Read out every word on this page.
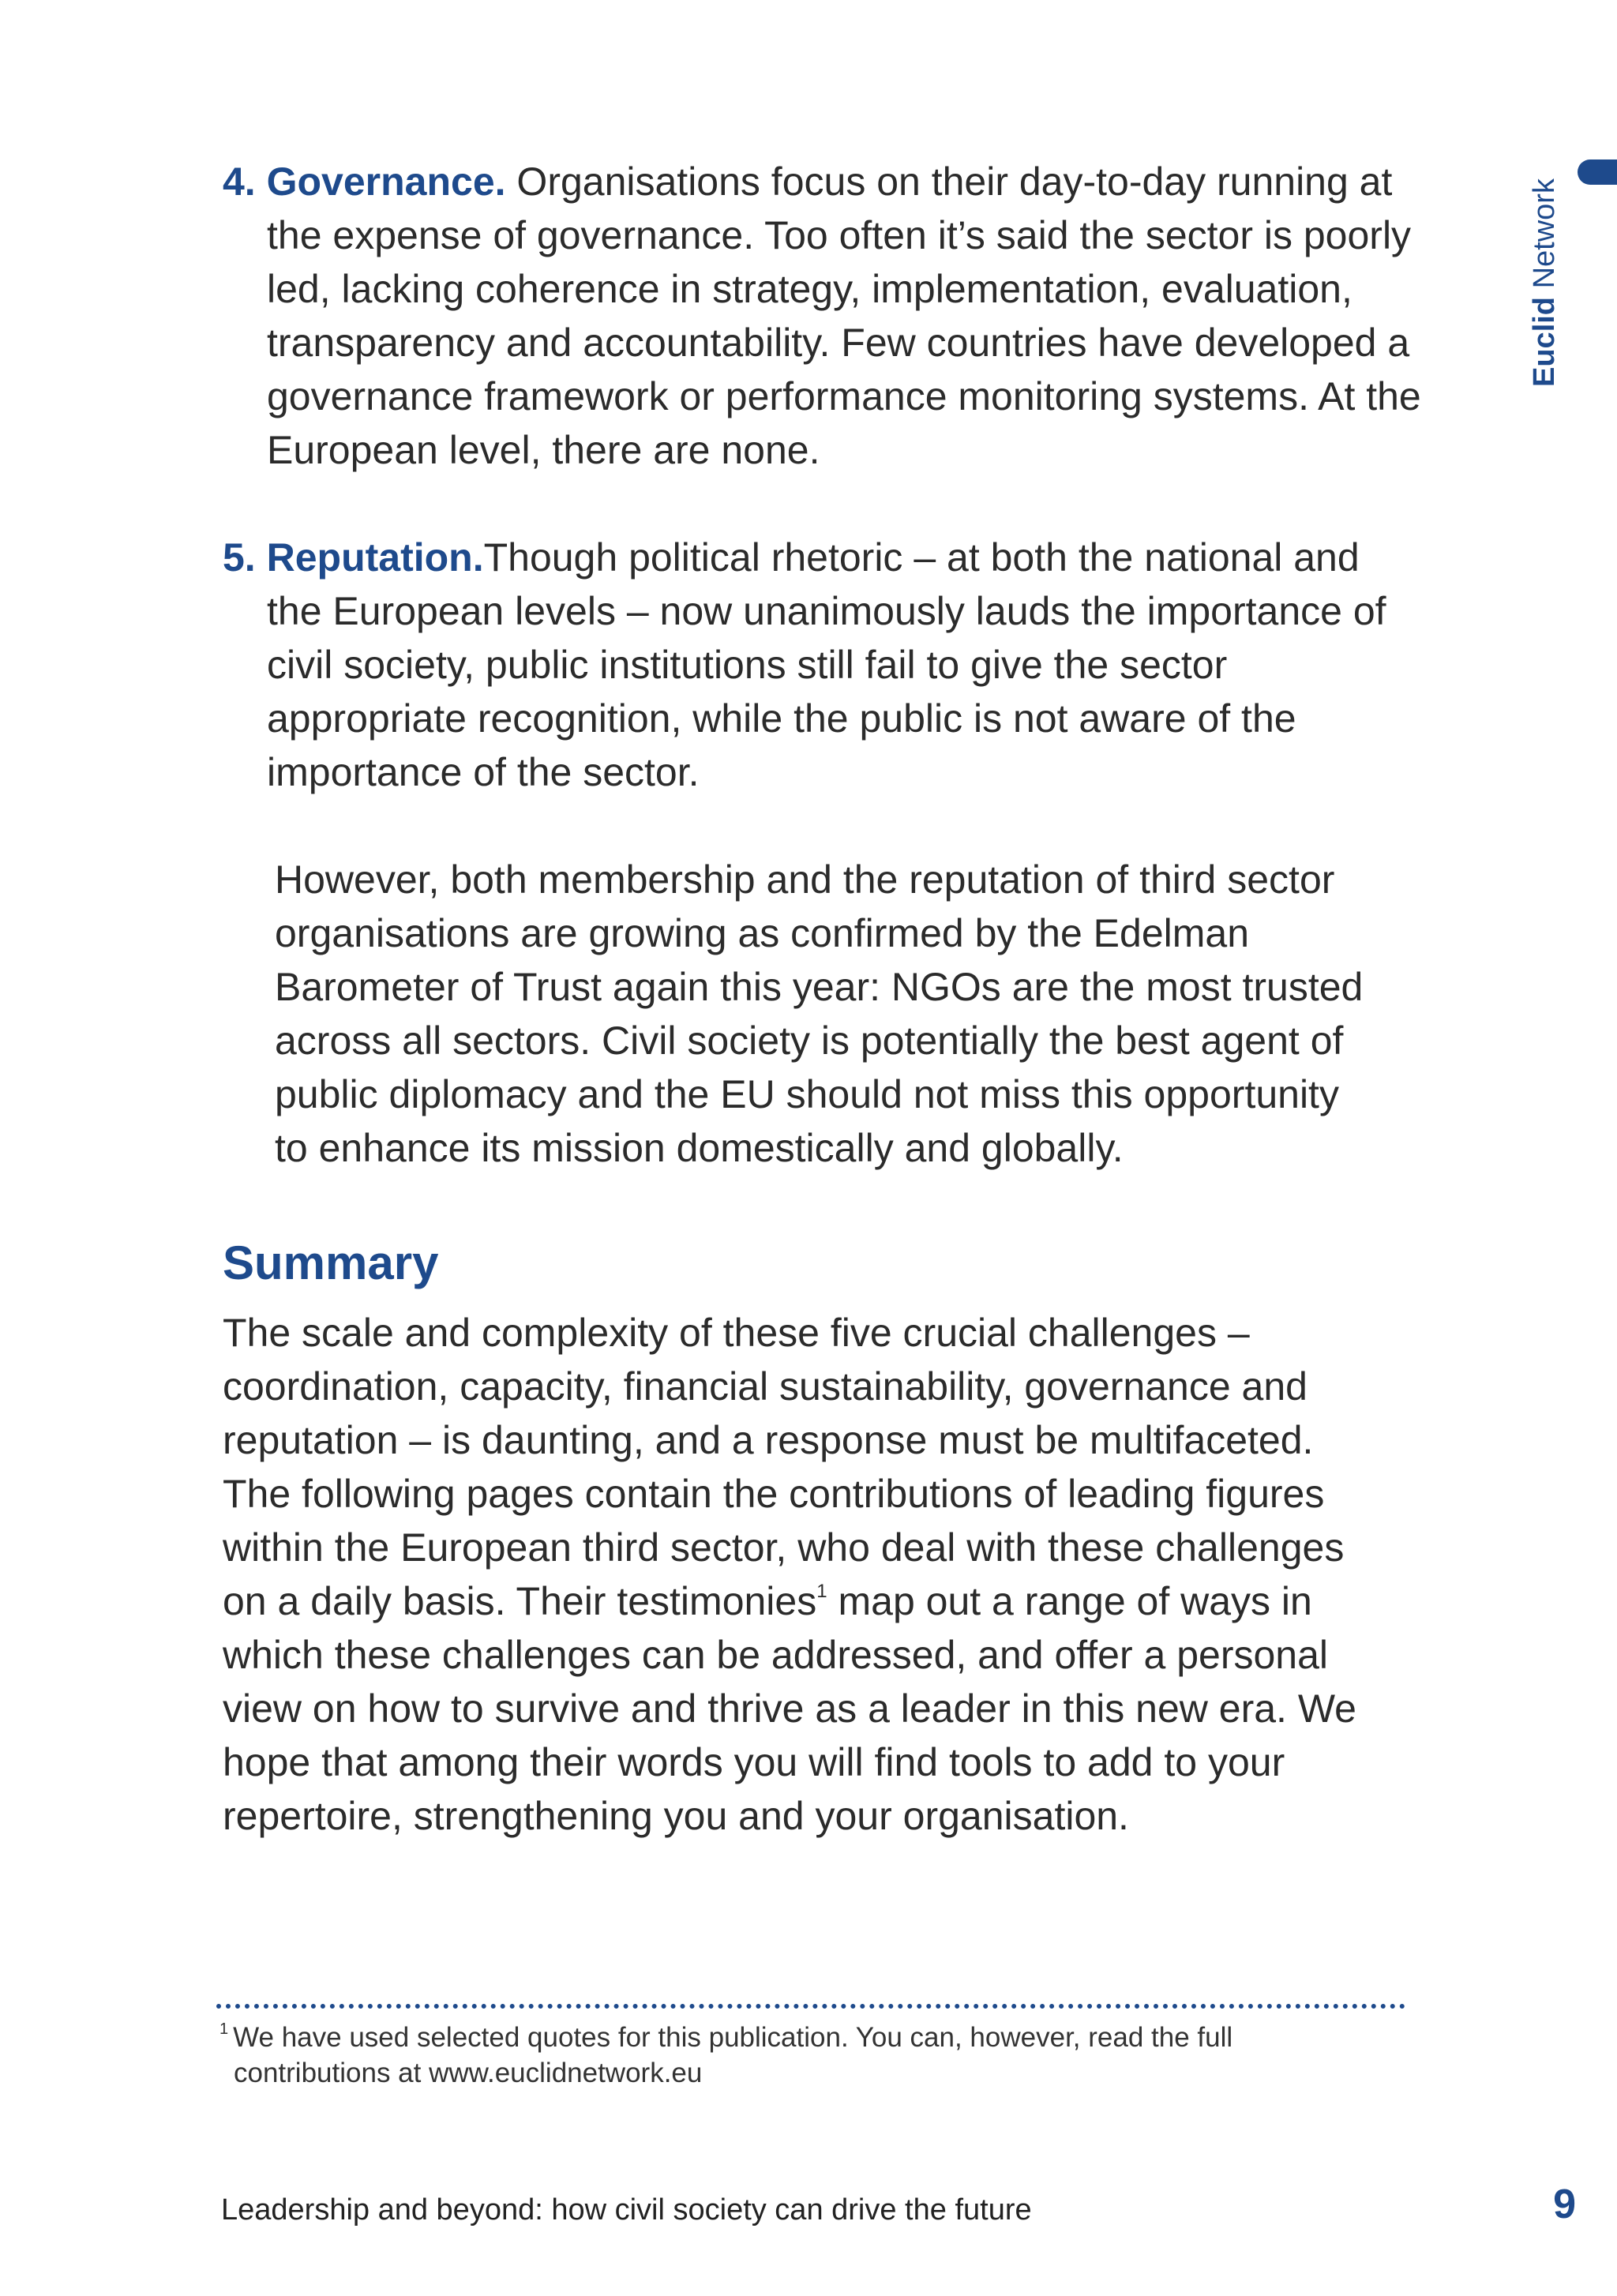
Euclid Network
4. Governance. Organisations focus on their day-to-day running at the expense of governance. Too often it’s said the sector is poorly led, lacking coherence in strategy, implementation, evaluation, transparency and accountability. Few countries have developed a governance framework or performance monitoring systems. At the European level, there are none.
5. Reputation.Though political rhetoric – at both the national and the European levels – now unanimously lauds the importance of civil society, public institutions still fail to give the sector appropriate recognition, while the public is not aware of the importance of the sector.
However, both membership and the reputation of third sector organisations are growing as confirmed by the Edelman Barometer of Trust again this year: NGOs are the most trusted across all sectors. Civil society is potentially the best agent of public diplomacy and the EU should not miss this opportunity to enhance its mission domestically and globally.
Summary
The scale and complexity of these five crucial challenges – coordination, capacity, financial sustainability, governance and reputation – is daunting, and a response must be multifaceted. The following pages contain the contributions of leading figures within the European third sector, who deal with these challenges on a daily basis. Their testimonies$^1$ map out a range of ways in which these challenges can be addressed, and offer a personal view on how to survive and thrive as a leader in this new era. We hope that among their words you will find tools to add to your repertoire, strengthening you and your organisation.
$^1$ We have used selected quotes for this publication. You can, however, read the full
contributions at www.euclidnetwork.eu
Leadership and beyond: how civil society can drive the future	9
